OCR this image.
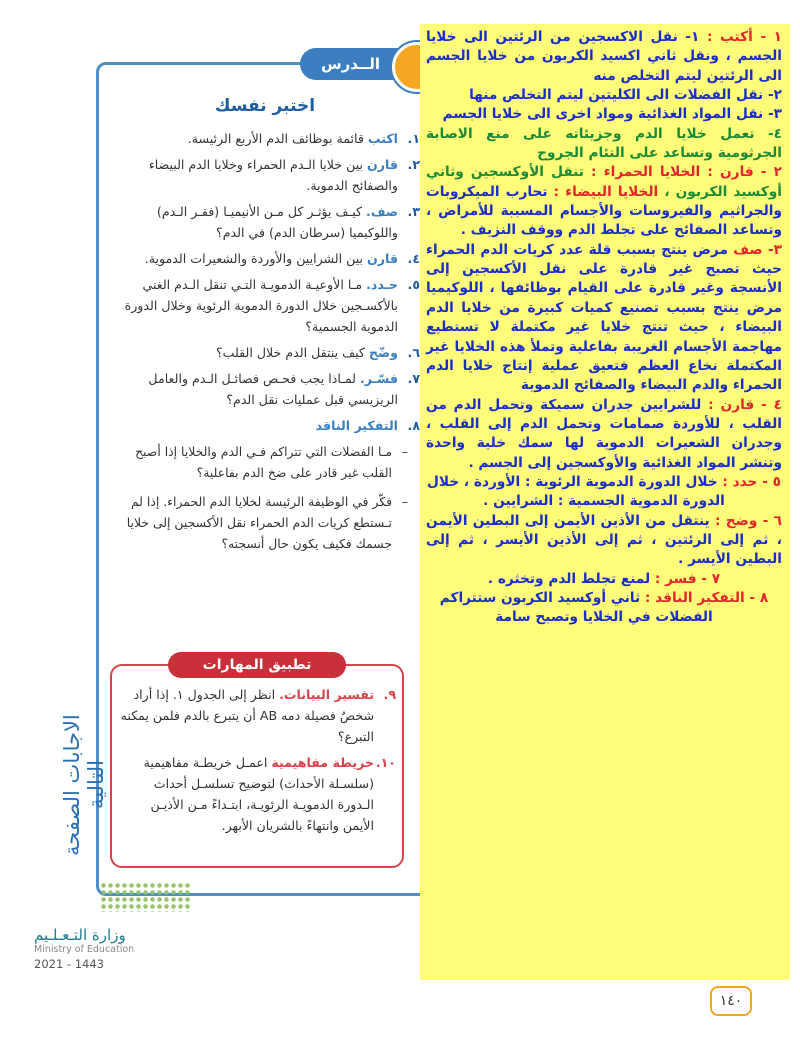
الــدرس
اختبر نفسك
١.
اكتب قائمة بوظائف الدم الأربع الرئيسة.
٢.
قارن بين خلايا الـدم الحمراء وخلايا الدم البيضاء والصفائح الدموية.
٣.
صف. كيـف يؤثـر كل مـن الأنيميـا (فقـر الـدم) واللوكيميا (سرطان الدم) في الدم؟
٤.
قارن بين الشرايين والأوردة والشعيرات الدموية.
٥.
حـدد. مـا الأوعيـة الدمويـة التـي تنقل الـدم الغني بالأكسـجين خلال الدورة الدموية الرئوية وخلال الدورة الدموية الجسمية؟
٦.
وضّح كيف ينتقل الدم خلال القلب؟
٧.
فسّـر. لمـاذا يجب فحـص فصائـل الـدم والعامل الريزيسي قبل عمليات نقل الدم؟
٨.
التفكير الناقد
– مـا الفضلات التي تتراكم فـي الدم والخلايا إذا أصبح القلب غير قادر على ضخ الدم بفاعلية؟
– فكّر في الوظيفة الرئيسة لخلايا الدم الحمراء. إذا لم تـستطع كريات الدم الحمراء نقل الأكسجين إلى خلايا جسمك فكيف يكون حال أنسجته؟
تطبيق المهارات
٩.
تفسير البيانات. انظر إلى الجدول ١. إذا أراد شخصٌ فصيلة دمه AB أن يتبرع بالدم فلمن يمكنه التبرع؟
١٠.
خريطة مفاهيمية اعمـل خريطـة مفاهيمية (سلسـلة الأحداث) لتوضيح تسلسـل أحداث الـدورة الدمويـة الرئويـة، ابتـداءً مـن الأذيـن الأيمن وانتهاءً بالشريان الأبهر.
الاجابات الصفحة التالية
وزارة التـعـلـيم
Ministry of Education
2021 - 1443

١ - أكتب : ١- نقل الاكسجين من الرئتين الى خلايا الجسم ، ونقل ثاني اكسيد الكربون من خلايا الجسم الى الرئتين ليتم التخلص منه

٢- نقل الفضلات الى الكليتين ليتم التخلص منها

٣- نقل المواد الغذائية ومواد اخرى الى خلايا الجسم

٤- تعمل خلايا الدم وجزيئاته على منع الاصابة الجرثومية وتساعد على التئام الجروح

٢ - قارن : الخلايا الحمراء : تنقل الأوكسجين وثاني أوكسيد الكربون ، الخلايا البيضاء : تحارب الميكروبات والجراثيم والفيروسات والأجسام المسببة للأمراض ، وتساعد الصفائح على تجلط الدم ووقف النزيف .

٣- صف مرض ينتج بسبب قلة عدد كريات الدم الحمراء حيث تصبح غير قادرة على نقل الأكسجين إلى الأنسجة وغير قادرة على القيام بوظائفها ، اللوكيميا مرض ينتج بسبب تصنيع كميات كبيرة من خلايا الدم البيضاء ، حيث تنتج خلايا غير مكتملة لا تستطيع مهاجمة الأجسام الغريبة بفاعلية وتملأ هذه الخلايا غير المكتملة نخاع العظم فتعيق عملية إنتاج خلايا الدم الحمراء والدم البيضاء والصفائح الدموية

٤ - قارن : للشرايين جدران سميكة وتحمل الدم من القلب ، للأوردة صمامات وتحمل الدم إلى القلب ، وجدران الشعيرات الدموية لها سمك خلية واحدة وتنشر المواد الغذائية والأوكسجين إلى الجسم .

٥ - حدد : خلال الدورة الدموية الرئوية : الأوردة ، خلال الدورة الدموية الجسمية : الشرايين .

٦ - وضح : ينتقل من الأذين الأيمن إلى البطين الأيمن ، ثم إلى الرئتين ، ثم إلى الأذين الأيسر ، ثم إلى البطين الأيسر .

٧ - فسر : لمنع تجلط الدم وتخثره .

٨ - التفكير الناقد : ثاني أوكسيد الكربون ستتراكم الفضلات في الخلايا وتصبح سامة

١٤٠
